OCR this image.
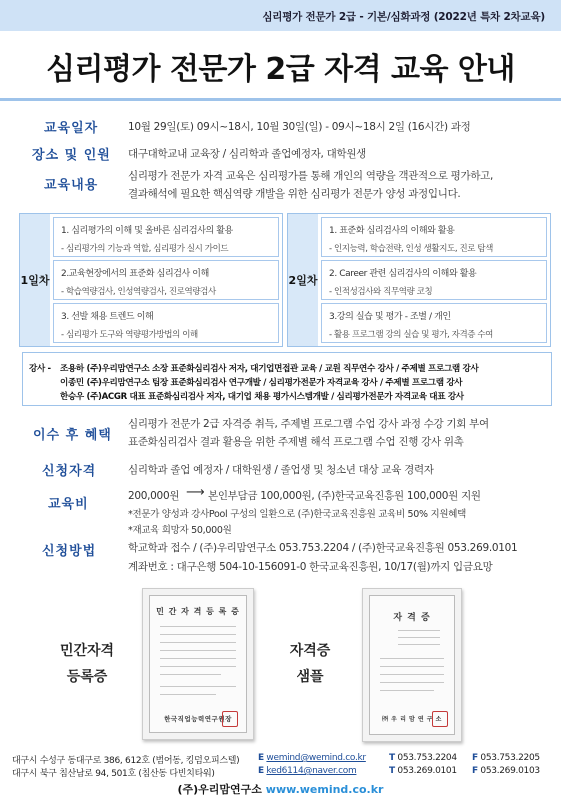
심리평가 전문가 2급 - 기본/심화과정 (2022년 특차 2차교육)
심리평가 전문가 2급 자격 교육 안내
교육일자	10월 29일(토) 09시~18시, 10월 30일(일) - 09시~18시 2일 (16시간) 과정
장소 및 인원 대구대학교내 교육장 / 심리학과 졸업예정자, 대학원생
교육내용
심리평가 전문가 자격 교육은 심리평가를 통해 개인의 역량을 객관적으로 평가하고,
결과해석에 필요한 핵심역량 개발을 위한 심리평가 전문가 양성 과정입니다.
1일차
1. 심리평가의 이해 및 올바른 심리검사의 활용
- 심리평가의 기능과 역할, 심리평가 실시 가이드
2.교육현장에서의 표준화 심리검사 이해
- 학습역량검사, 인성역량검사, 진로역량검사
3. 선발 채용 트렌드 이해
- 심리평가 도구와 역량평가방법의 이해
2일차
1. 표준화 심리검사의 이해와 활용
- 인지능력, 학습전략, 인성 생활지도, 진로 탐색
2. Career 관련 심리검사의 이해와 활용
- 인적성검사와 직무역량 코칭
3.강의 실습 및 평가 - 조별 / 개인
- 활용 프로그램 강의 실습 및 평가, 자격증 수여
강사 - 조용하 (주)우리맘연구소 소장 표준화심리검사 저자, 대기업면접관 교육 / 교원 직무연수 강사 / 주제별 프로그램 강사
이종민 (주)우리맘연구소 팀장 표준화심리검사 연구개발 / 심리평가전문가 자격교육 강사 / 주제별 프로그램 강사
한승우 (주)ACGR 대표 표준화심리검사 저자, 대기업 채용 평가시스템개발 / 심리평가전문가 자격교육 대표 강사
이수 후 혜택
심리평가 전문가 2급 자격증 취득, 주제별 프로그램 수업 강사 과정 수강 기회 부여
표준화심리검사 결과 활용을 위한 주제별 해석 프로그램 수업 진행 강사 위촉
신청자격	심리학과 졸업 예정자 / 대학원생 / 졸업생 및 청소년 대상 교육 경력자
교육비
200,000원 ⟶ 본인부담금 100,000원, (주)한국교육진흥원 100,000원 지원
*전문가 양성과 강사Pool 구성의 일환으로 (주)한국교육진흥원 교육비 50% 지원혜택
*재교육 희망자 50,000원
신청방법	학교학과 접수 / (주)우리맘연구소 053.753.2204 / (주)한국교육진흥원 053.269.0101
계좌번호 : 대구은행 504-10-156091-0 한국교육진흥원, 10/17(월)까지 입금요망
민 간 자 격 등 록 증
한국직업능력연구원장
민간자격
등록증
자 격 증
㈜ 우 리 맘 연 구 소
자격증
샘플
대구시 수성구 동대구로 386, 612호 (범어동, 킹덤오피스텔)
대구시 북구 침산남로 94, 501호 (침산동 다빈치타워)
E wemind@wemind.co.kr
E ked6114@naver.com
T 053.753.2204
T 053.269.0101
F 053.753.2205
F 053.269.0103
(주)우리맘연구소 www.wemind.co.kr
